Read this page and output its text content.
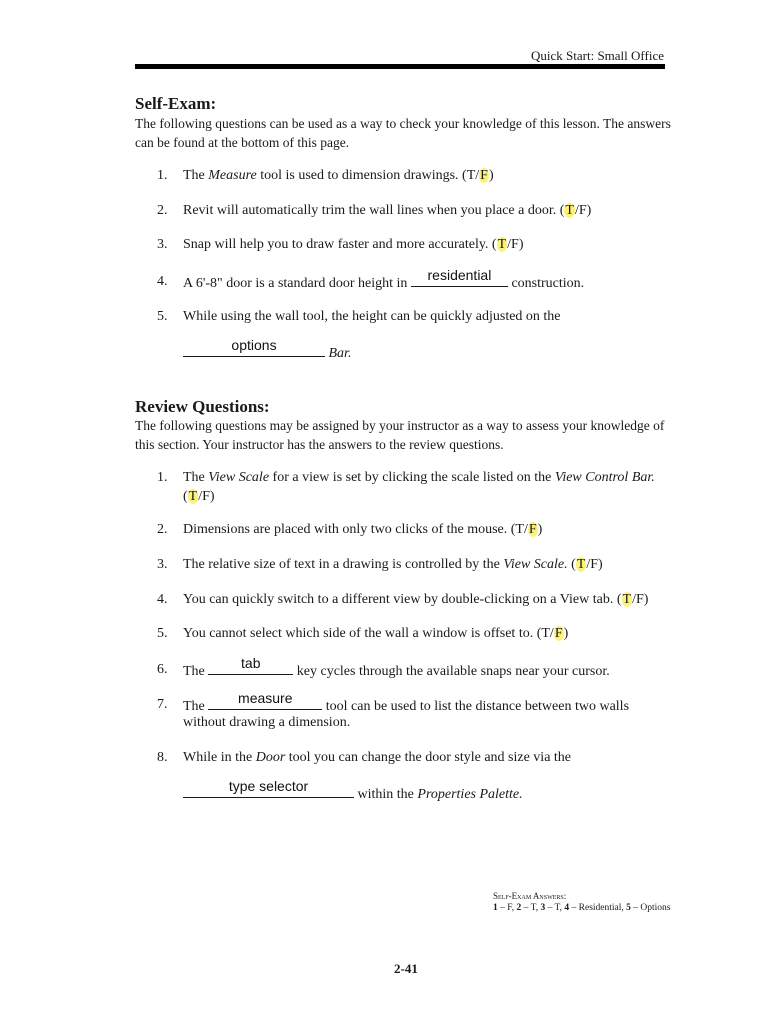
Quick Start: Small Office
Self-Exam:
The following questions can be used as a way to check your knowledge of this lesson. The answers can be found at the bottom of this page.
1. The Measure tool is used to dimension drawings. (T/F)
2. Revit will automatically trim the wall lines when you place a door. (T/F)
3. Snap will help you to draw faster and more accurately. (T/F)
4. A 6'-8" door is a standard door height in
residential
construction.
5. While using the wall tool, the height can be quickly adjusted on the
options
Bar.
Review Questions:
The following questions may be assigned by your instructor as a way to assess your knowledge of this section. Your instructor has the answers to the review questions.
1. The View Scale for a view is set by clicking the scale listed on the View Control Bar.
(T/F)
2. Dimensions are placed with only two clicks of the mouse. (T/F)
3. The relative size of text in a drawing is controlled by the View Scale. (T/F)
4. You can quickly switch to a different view by double-clicking on a View tab. (T/F)
5. You cannot select which side of the wall a window is offset to. (T/F)
6. The
tab
key cycles through the available snaps near your cursor.
7. The
measure
tool can be used to list the distance between two walls
without drawing a dimension.
8. While in the Door tool you can change the door style and size via the
type selector
within the Properties Palette.
Self-Exam Answers:
1 – F, 2 – T, 3 – T, 4 – Residential, 5 – Options
2-41
